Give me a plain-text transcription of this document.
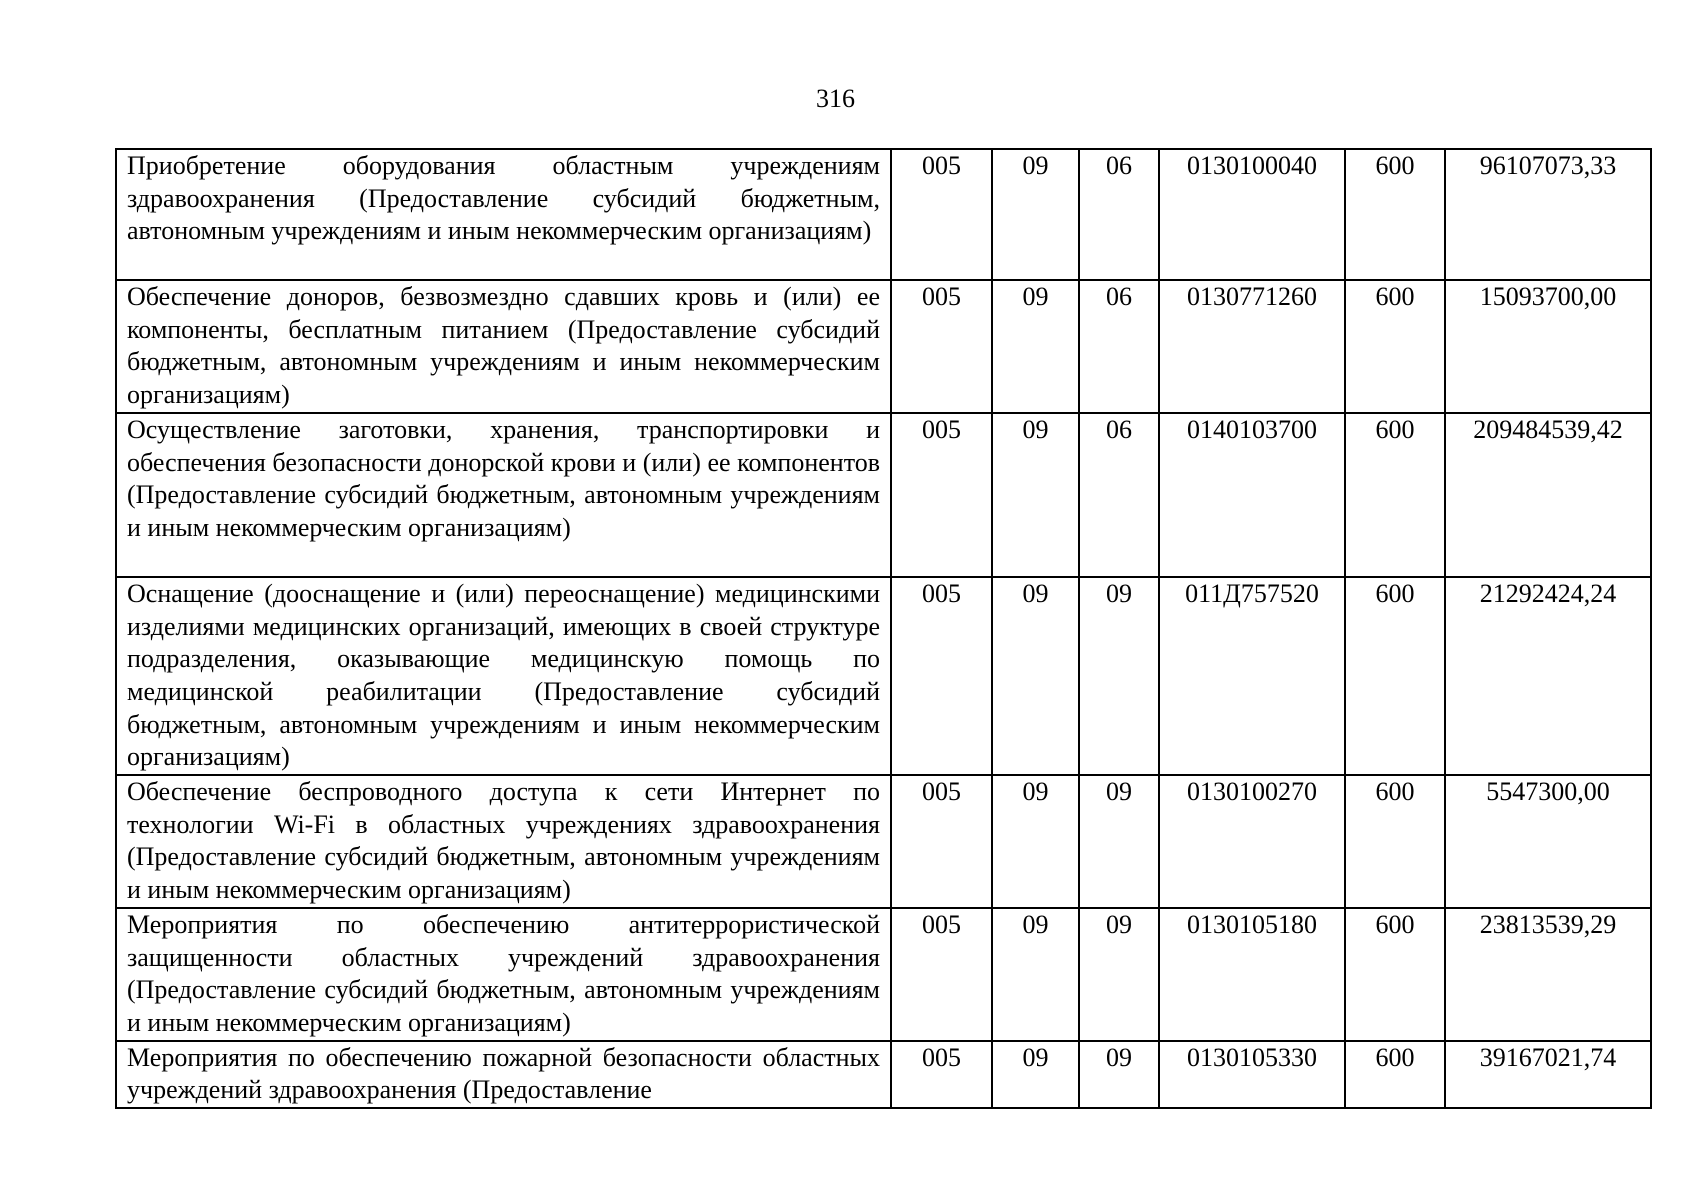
316
Приобретение оборудования областным учреждениям здравоохранения (Предоставление субсидий бюджетным, автономным учреждениям и иным некоммерческим организациям)	005	09	06	0130100040	600	96107073,33
Обеспечение доноров, безвозмездно сдавших кровь и (или) ее компоненты, бесплатным питанием (Предоставление субсидий бюджетным, автономным учреждениям и иным некоммерческим организациям)	005	09	06	0130771260	600	15093700,00
Осуществление заготовки, хранения, транспортировки и обеспечения безопасности донорской крови и (или) ее компонентов (Предоставление субсидий бюджетным, автономным учреждениям и иным некоммерческим организациям)	005	09	06	0140103700	600	209484539,42
Оснащение (дооснащение и (или) переоснащение) медицинскими изделиями медицинских организаций, имеющих в своей структуре подразделения, оказывающие медицинскую помощь по медицинской реабилитации (Предоставление субсидий бюджетным, автономным учреждениям и иным некоммерческим организациям)	005	09	09	011Д757520	600	21292424,24
Обеспечение беспроводного доступа к сети Интернет по технологии Wi-Fi в областных учреждениях здравоохранения (Предоставление субсидий бюджетным, автономным учреждениям и иным некоммерческим организациям)	005	09	09	0130100270	600	5547300,00
Мероприятия по обеспечению антитеррористической защищенности областных учреждений здравоохранения (Предоставление субсидий бюджетным, автономным учреждениям и иным некоммерческим организациям)	005	09	09	0130105180	600	23813539,29
Мероприятия по обеспечению пожарной безопасности областных учреждений здравоохранения (Предоставление	005	09	09	0130105330	600	39167021,74
